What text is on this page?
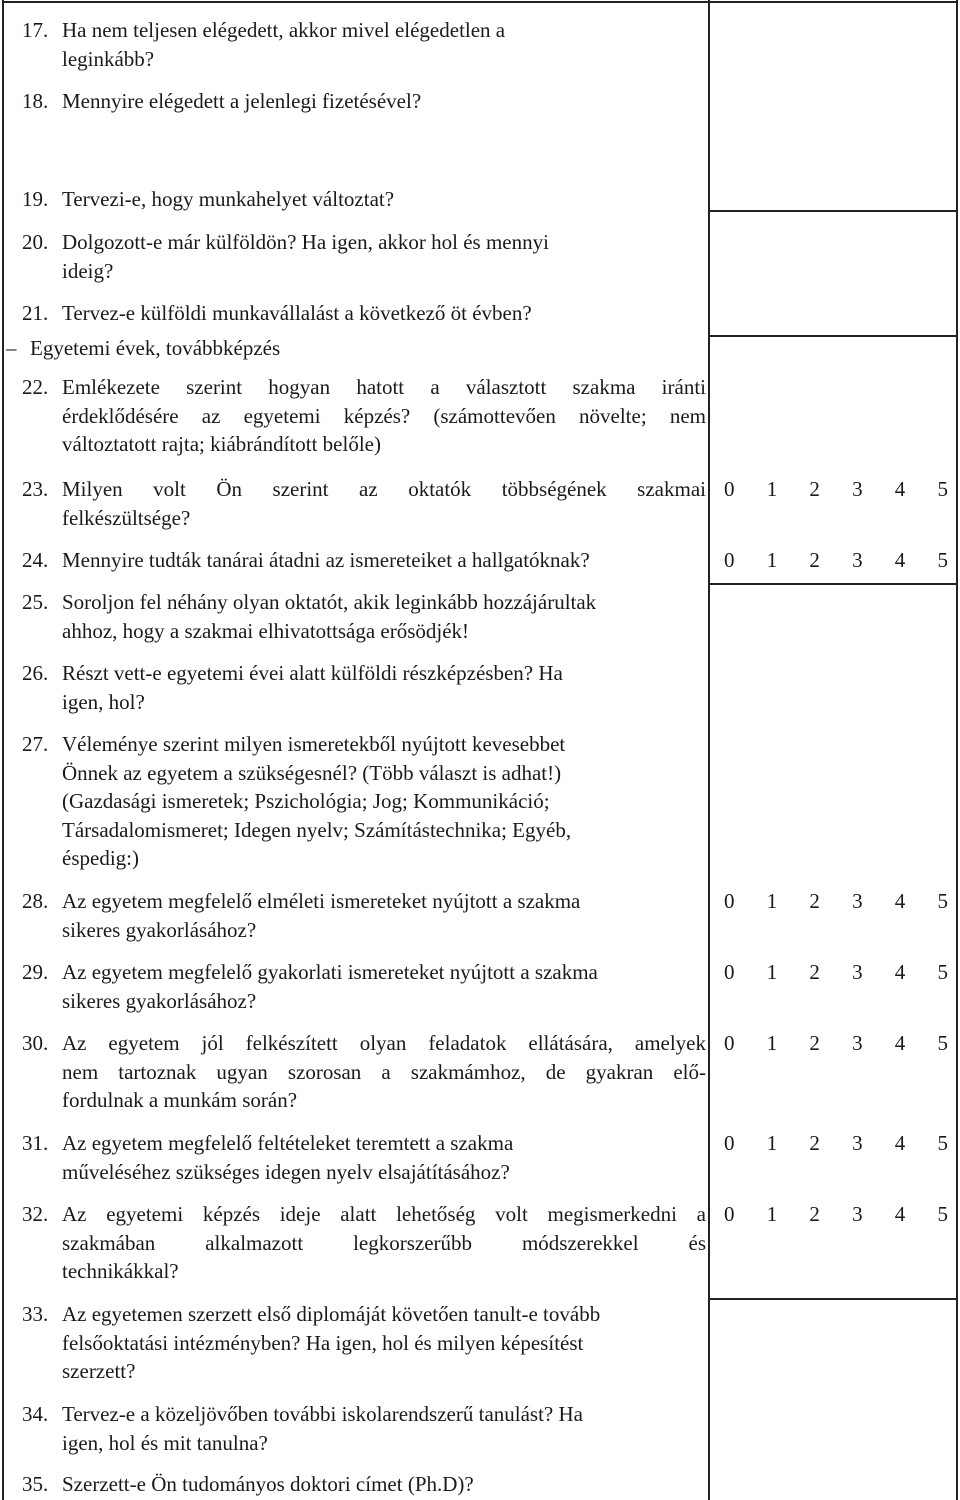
17. Ha nem teljesen elégedett, akkor mivel elégedetlen a
leginkább?
18. Mennyire elégedett a jelenlegi fizetésével?
19. Tervezi-e, hogy munkahelyet változtat?
20. Dolgozott-e már külföldön? Ha igen, akkor hol és mennyi
ideig?
21. Tervez-e külföldi munkavállalást a következő öt évben?
– Egyetemi évek, továbbképzés
22. Emlékezete szerint hogyan hatott a választott szakma iránti
érdeklődésére az egyetemi képzés? (számottevően növelte; nem
változtatott rajta; kiábrándított belőle)
23. Milyen volt Ön szerint az oktatók többségének szakmai
felkészültsége?
0 1 2 3 4 5
24. Mennyire tudták tanárai átadni az ismereteiket a hallgatóknak?	0 1 2 3 4 5
25. Soroljon fel néhány olyan oktatót, akik leginkább hozzájárultak
ahhoz, hogy a szakmai elhivatottsága erősödjék!
26. Részt vett-e egyetemi évei alatt külföldi részképzésben? Ha
igen, hol?
27. Véleménye szerint milyen ismeretekből nyújtott kevesebbet
Önnek az egyetem a szükségesnél? (Több választ is adhat!)
(Gazdasági ismeretek; Pszichológia; Jog; Kommunikáció;
Társadalomismeret; Idegen nyelv; Számítástechnika; Egyéb,
éspedig:)
28. Az egyetem megfelelő elméleti ismereteket nyújtott a szakma
sikeres gyakorlásához?
0 1 2 3 4 5
29. Az egyetem megfelelő gyakorlati ismereteket nyújtott a szakma
sikeres gyakorlásához?
0 1 2 3 4 5
30. Az egyetem jól felkészített olyan feladatok ellátására, amelyek
nem tartoznak ugyan szorosan a szakmámhoz, de gyakran elő-
fordulnak a munkám során?
0 1 2 3 4 5
31. Az egyetem megfelelő feltételeket teremtett a szakma
műveléséhez szükséges idegen nyelv elsajátításához?
0 1 2 3 4 5
32. Az egyetemi képzés ideje alatt lehetőség volt megismerkedni a
szakmában alkalmazott legkorszerűbb módszerekkel és
technikákkal?
0 1 2 3 4 5
33. Az egyetemen szerzett első diplomáját követően tanult-e tovább
felsőoktatási intézményben? Ha igen, hol és milyen képesítést
szerzett?
34. Tervez-e a közeljövőben további iskolarendszerű tanulást? Ha
igen, hol és mit tanulna?
35. Szerzett-e Ön tudományos doktori címet (Ph.D)?
